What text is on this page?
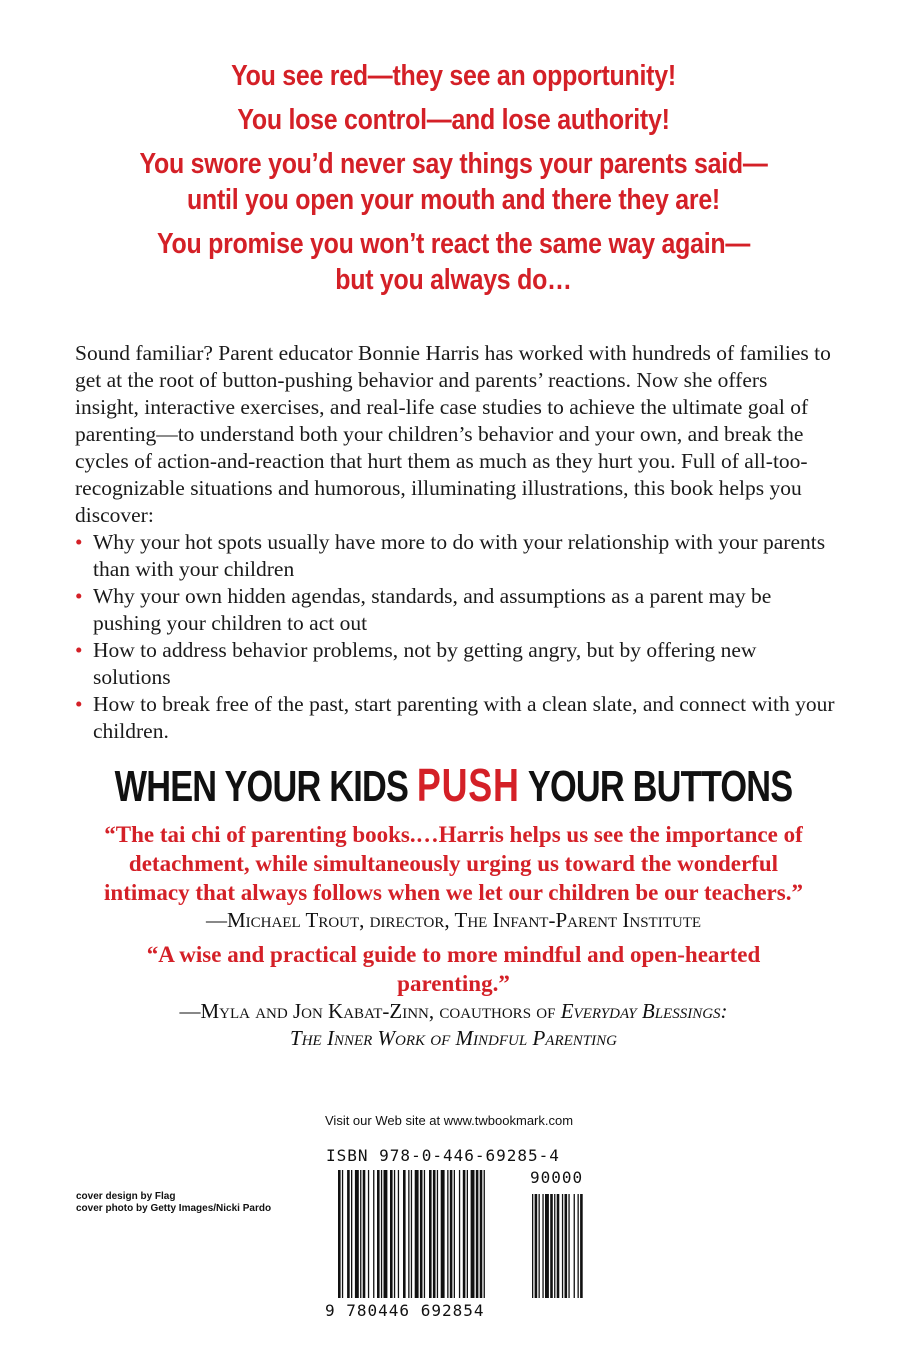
You see red—they see an opportunity!
You lose control—and lose authority!
You swore you’d never say things your parents said—
until you open your mouth and there they are!
You promise you won’t react the same way again—
but you always do…

Sound familiar? Parent educator Bonnie Harris has worked with hundreds of families to get at the root of button-pushing behavior and parents’ reactions. Now she offers insight, interactive exercises, and real-life case studies to achieve the ultimate goal of parenting—to understand both your children’s behavior and your own, and break the cycles of action-and-reaction that hurt them as much as they hurt you. Full of all-too-recognizable situations and humorous, illuminating illustrations, this book helps you discover:

• Why your hot spots usually have more to do with your relationship with your parents than with your children
• Why your own hidden agendas, standards, and assumptions as a parent may be pushing your children to act out
• How to address behavior problems, not by getting angry, but by offering new solutions
• How to break free of the past, start parenting with a clean slate, and connect with your children.
WHEN YOUR KIDS PUSH YOUR BUTTONS
“The tai chi of parenting books.…Harris helps us see the importance of
detachment, while simultaneously urging us toward the wonderful
intimacy that always follows when we let our children be our teachers.”
—Michael Trout, director, The Infant-Parent Institute
“A wise and practical guide to more mindful and open-hearted
parenting.”
—Myla and Jon Kabat-Zinn, coauthors of Everyday Blessings:
The Inner Work of Mindful Parenting
Visit our Web site at www.twbookmark.com
cover design by Flag
cover photo by Getty Images/Nicki Pardo
ISBN 978-0-446-69285-4
90000
9 780446 692854
